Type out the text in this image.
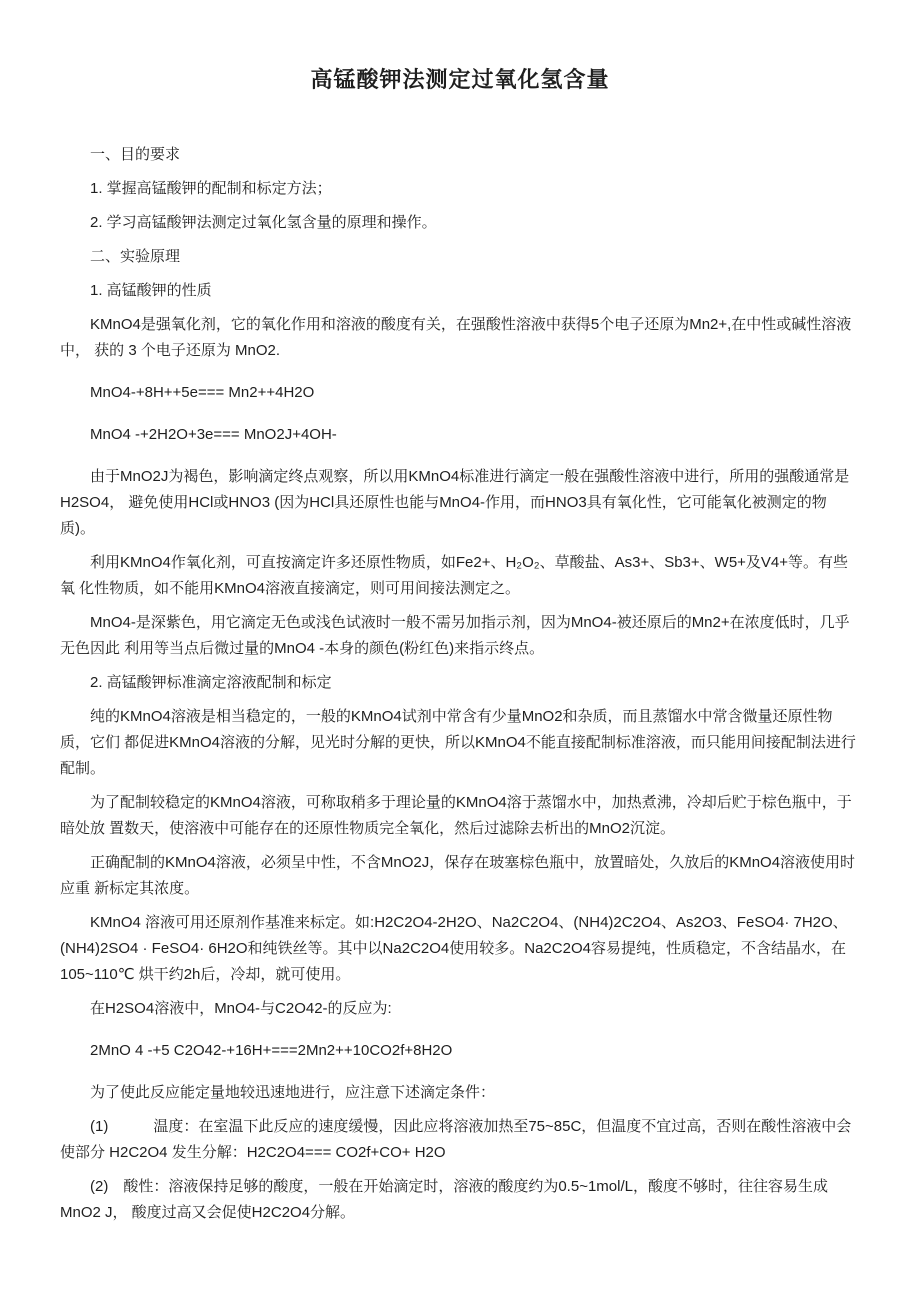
高锰酸钾法测定过氧化氢含量
一、目的要求
1. 掌握高锰酸钾的配制和标定方法；
2. 学习高锰酸钾法测定过氧化氢含量的原理和操作。
二、实验原理
1. 高锰酸钾的性质
KMnO4是强氧化剂，它的氧化作用和溶液的酸度有关，在强酸性溶液中获得5个电子还原为Mn2+,在中性或碱性溶液中， 获的 3 个电子还原为 MnO2.
MnO4-+8H++5e=== Mn2++4H2O
MnO4 -+2H2O+3e=== MnO2J+4OH-
由于MnO2J为褐色，影响滴定终点观察，所以用KMnO4标准进行滴定一般在强酸性溶液中进行，所用的强酸通常是H2SO4， 避免使用HCl或HNO3 (因为HCl具还原性也能与MnO4-作用，而HNO3具有氧化性，它可能氧化被测定的物质)。
利用KMnO4作氧化剂，可直按滴定许多还原性物质，如Fe2+、H₂O₂、草酸盐、As3+、Sb3+、W5+及V4+等。有些氧 化性物质，如不能用KMnO4溶液直接滴定，则可用间接法测定之。
MnO4-是深紫色，用它滴定无色或浅色试液时一般不需另加指示剂，因为MnO4-被还原后的Mn2+在浓度低时，几乎无色因此 利用等当点后微过量的MnO4 -本身的颜色(粉红色)来指示终点。
2. 高锰酸钾标准滴定溶液配制和标定
纯的KMnO4溶液是相当稳定的，一般的KMnO4试剂中常含有少量MnO2和杂质，而且蒸馏水中常含微量还原性物质，它们 都促进KMnO4溶液的分解，见光时分解的更快，所以KMnO4不能直接配制标准溶液，而只能用间接配制法进行配制。
为了配制较稳定的KMnO4溶液，可称取稍多于理论量的KMnO4溶于蒸馏水中，加热煮沸，冷却后贮于棕色瓶中，于暗处放 置数天，使溶液中可能存在的还原性物质完全氧化，然后过滤除去析出的MnO2沉淀。
正确配制的KMnO4溶液，必须呈中性，不含MnO2J，保存在玻塞棕色瓶中，放置暗处，久放后的KMnO4溶液使用时应重 新标定其浓度。
KMnO4 溶液可用还原剂作基准来标定。如:H2C2O4-2H2O、Na2C2O4、(NH4)2C2O4、As2O3、FeSO4· 7H2O、 (NH4)2SO4 · FeSO4· 6H2O和纯铁丝等。其中以Na2C2O4使用较多。Na2C2O4容易提纯，性质稳定，不含结晶水，在105~110℃ 烘干约2h后，冷却，就可使用。
在H2SO4溶液中，MnO4-与C2O42-的反应为:
2MnO 4 -+5 C2O42-+16H+===2Mn2++10CO2f+8H2O
为了使此反应能定量地较迅速地进行，应注意下述滴定条件：
(1)　　　温度：在室温下此反应的速度缓慢，因此应将溶液加热至75~85C，但温度不宜过高，否则在酸性溶液中会使部分 H2C2O4 发生分解：H2C2O4=== CO2f+CO+ H2O
(2)　酸性：溶液保持足够的酸度，一般在开始滴定时，溶液的酸度约为0.5~1mol/L，酸度不够时，往往容易生成MnO2 J， 酸度过高又会促使H2C2O4分解。
